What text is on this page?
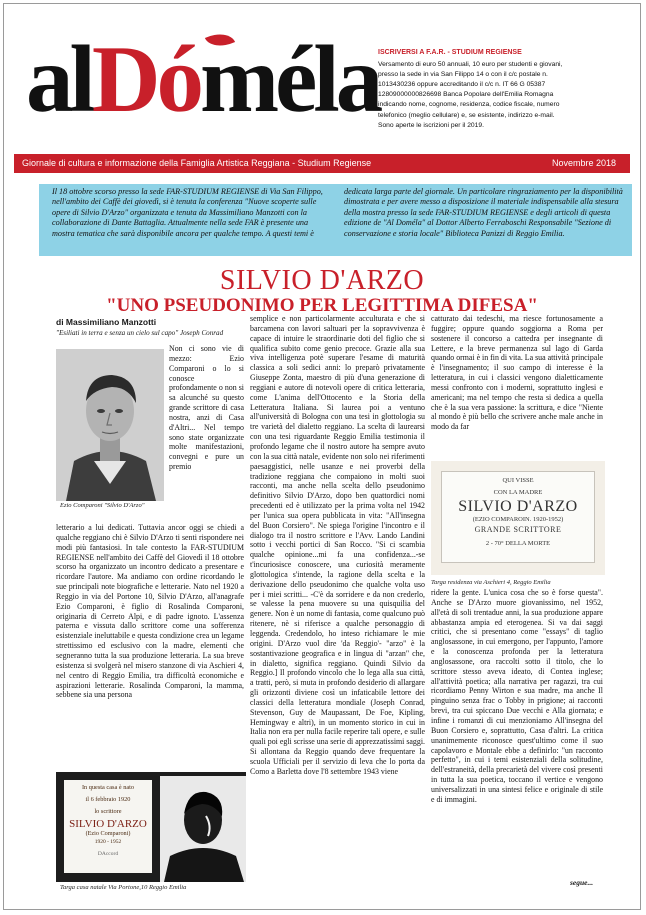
alDóméla
ISCRIVERSI A F.A.R. - STUDIUM REGIENSE
Versamento di euro 50 annuali, 10 euro per studenti e giovani,
presso la sede in via San Filippo 14 o con il c/c postale n.
1013430236 oppure accreditando il c/c n. IT 66 G 05387
12809000000826698 Banca Popolare dell'Emilia Romagna
indicando nome, cognome, residenza, codice fiscale, numero
telefonico (meglio cellulare) e, se esistente, indirizzo e-mail.
Sono aperte le iscrizioni per il 2019.
Giornale di cultura e informazione della Famiglia Artistica Reggiana - Studium Regiense	Novembre 2018
Il 18 ottobre scorso presso la sede FAR-STUDIUM REGIENSE di Via San Filippo, nell'ambito dei Caffè dei giovedì, si è tenuta la conferenza "Nuove scoperte sulle opere di Silvio D'Arzo" organizzata e tenuta da Massimiliano Manzotti con la collaborazione di Dante Battaglia. Attualmente nella sede FAR è presente una mostra tematica che sarà disponibile ancora per qualche tempo. A questi temi è dedicata larga parte del giornale. Un particolare ringraziamento per la disponibilità dimostrata e per avere messo a disposizione il materiale indispensabile alla stesura della mostra presso la sede FAR-STUDIUM REGIENSE e degli articoli di questa edizione de "Al Doméla" al Dottor Alberto Ferraboschi Responsabile "Sezione di conservazione e storia locale" Biblioteca Panizzi di Reggio Emilia.
SILVIO D'ARZO
"UNO PSEUDONIMO PER LEGITTIMA DIFESA"
di Massimiliano Manzotti
"Esiliati in terra e senza un cielo sul capo" Joseph Conrad
Ezio Comparoni "Silvio D'Arzo"
Non ci sono vie di mezzo: Ezio Comparoni o lo si conosce profondamente o non si sa alcunché su questo grande scrittore di casa nostra, anzi di Casa d'Altri... Nel tempo sono state organizzate molte manifestazioni, convegni e pure un premio
letterario a lui dedicati. Tuttavia ancor oggi se chiedi a qualche reggiano chi è Silvio D'Arzo ti senti rispondere nei modi più fantasiosi. In tale contesto la FAR-STUDIUM REGIENSE nell'ambito dei Caffè del Giovedì il 18 ottobre scorso ha organizzato un incontro dedicato a presentare e ricordare l'autore. Ma andiamo con ordine ricordando le sue principali note biografiche e letterarie. Nato nel 1920 a Reggio in via del Portone 10, Silvio D'Arzo, all'anagrafe Ezio Comparoni, è figlio di Rosalinda Comparoni, originaria di Cerreto Alpi, e di padre ignoto. L'assenza paterna e vissuta dallo scrittore come una sofferenza esistenziale ineluttabile e questa condizione crea un legame strettissimo ed esclusivo con la madre, elementi che segneranno tutta la sua produzione letteraria. La sua breve esistenza si svolgerà nel misero stanzone di via Aschieri 4, nel centro di Reggio Emilia, tra difficoltà economiche e aspirazioni letterarie. Rosalinda Comparoni, la mamma, sebbene sia una persona
In questa casa è nato
il 6 febbraio 1920
lo scrittore
SILVIO D'ARZO
(Ezio Comparoni)
1920 - 1952
DAccord
Targa casa natale Via Portone,10 Reggio Emilia
semplice e non particolarmente acculturata e che si barcamena con lavori saltuari per la sopravvivenza è capace di intuire le straordinarie doti del figlio che si qualifica subito come genio precoce. Grazie alla sua viva intelligenza potè superare l'esame di maturità classica a soli sedici anni: lo preparò privatamente Giuseppe Zonta, maestro di più d'una generazione di reggiani e autore di notevoli opere di critica letteraria, come L'anima dell'Ottocento e la Storia della Letteratura Italiana. Si laurea poi a ventuno all'università di Bologna con una tesi in glottologia su tre varietà del dialetto reggiano. La scelta di laurearsi con una tesi riguardante Reggio Emilia testimonia il profondo legame che il nostro autore ha sempre avuto con la sua città natale, evidente non solo nei riferimenti paesaggistici, nelle usanze e nei proverbi della tradizione reggiana che compaiono in molti suoi racconti, ma anche nella scelta dello pseudonimo definitivo Silvio D'Arzo, dopo ben quattordici nomi precedenti ed è utilizzato per la prima volta nel 1942 per l'unica sua opera pubblicata in vita: "All'insegna del Buon Corsiero". Ne spiega l'origine l'incontro e il dialogo tra il nostro scrittore e l'Avv. Lando Landini sotto i vecchi portici di San Rocco. "Si ci scambia qualche opinione...mi fa una confidenza...-se t'incuriosisce conoscere, una curiosità meramente glottologica s'intende, la ragione della scelta e la derivazione dello pseudonimo che qualche volta uso per i miei scritti... -C'è da sorridere e da non crederlo, se valesse la pena muovere su una quisquilia del genere. Non è un nome di fantasia, come qualcuno può ritenere, nè si riferisce a qualche personaggio di leggenda. Credendolo, ho inteso richiamare le mie origini. D'Arzo vuol dire 'da Reggio'- "arzo" è la sostantivazione geografica e in lingua di "arzan" che, in dialetto, significa reggiano. Quindi Silvio da Reggio.] Il profondo vincolo che lo lega alla sua città, a tratti, però, si muta in profondo desiderio di allargare gli orizzonti diviene così un infaticabile lettore dei classici della letteratura mondiale (Joseph Conrad, Stevenson, Guy de Maupassant, De Foe, Kipling, Hemingway e altri), in un momento storico in cui in Italia non era per nulla facile reperire tali opere, e sulle quali poi egli scrisse una serie di apprezzatissimi saggi. Si allontana da Reggio quando deve frequentare la scuola Ufficiali per il servizio di leva che lo porta da Como a Barletta dove l'8 settembre 1943 viene
catturato dai tedeschi, ma riesce fortunosamente a fuggire; oppure quando soggiorna a Roma per sostenere il concorso a cattedra per insegnante di Lettere, e la breve permanenza sul lago di Garda quando ormai è in fin di vita. La sua attività principale è l'insegnamento; il suo campo di interesse è la letteratura, in cui i classici vengono dialetticamente messi confronto con i moderni, soprattutto inglesi e americani; ma nel tempo che resta si dedica a quella che è la sua vera passione: la scrittura, e dice "Niente al mondo è più bello che scrivere anche male anche in modo da far
QUI VISSE
CON LA MADRE
SILVIO D'ARZO
(EZIO COMPAROIN. 1920-1952)
GRANDE SCRITTORE
2 - 70° DELLA MORTE
Targa residenza via Aschieri 4, Reggio Emilia
ridere la gente. L'unica cosa che so è forse questa". Anche se D'Arzo muore giovanissimo, nel 1952, all'età di soli trentadue anni, la sua produzione appare abbastanza ampia ed eterogenea. Si va dai saggi critici, che si presentano come "essays" di taglio anglosassone, in cui emergono, per l'appunto, l'amore e la conoscenza profonda per la letteratura anglosassone, ora raccolti sotto il titolo, che lo scrittore stesso aveva ideato, di Contea inglese; all'attività poetica; alla narrativa per ragazzi, tra cui ricordiamo Penny Wirton e sua madre, ma anche Il pinguino senza frac o Tobby in prigione; ai racconti brevi, tra cui spiccano Due vecchi e Alla giornata; e infine i romanzi di cui menzioniamo All'insegna del Buon Corsiero e, soprattutto, Casa d'altri. La critica unanimemente riconosce quest'ultimo come il suo capolavoro e Montale ebbe a definirlo: "un racconto perfetto", in cui i temi esistenziali della solitudine, dell'estraneità, della precarietà del vivere così presenti in tutta la sua poetica, toccano il vertice e vengono universalizzati in una sintesi felice e originale di stile e di immagini.
segue...
